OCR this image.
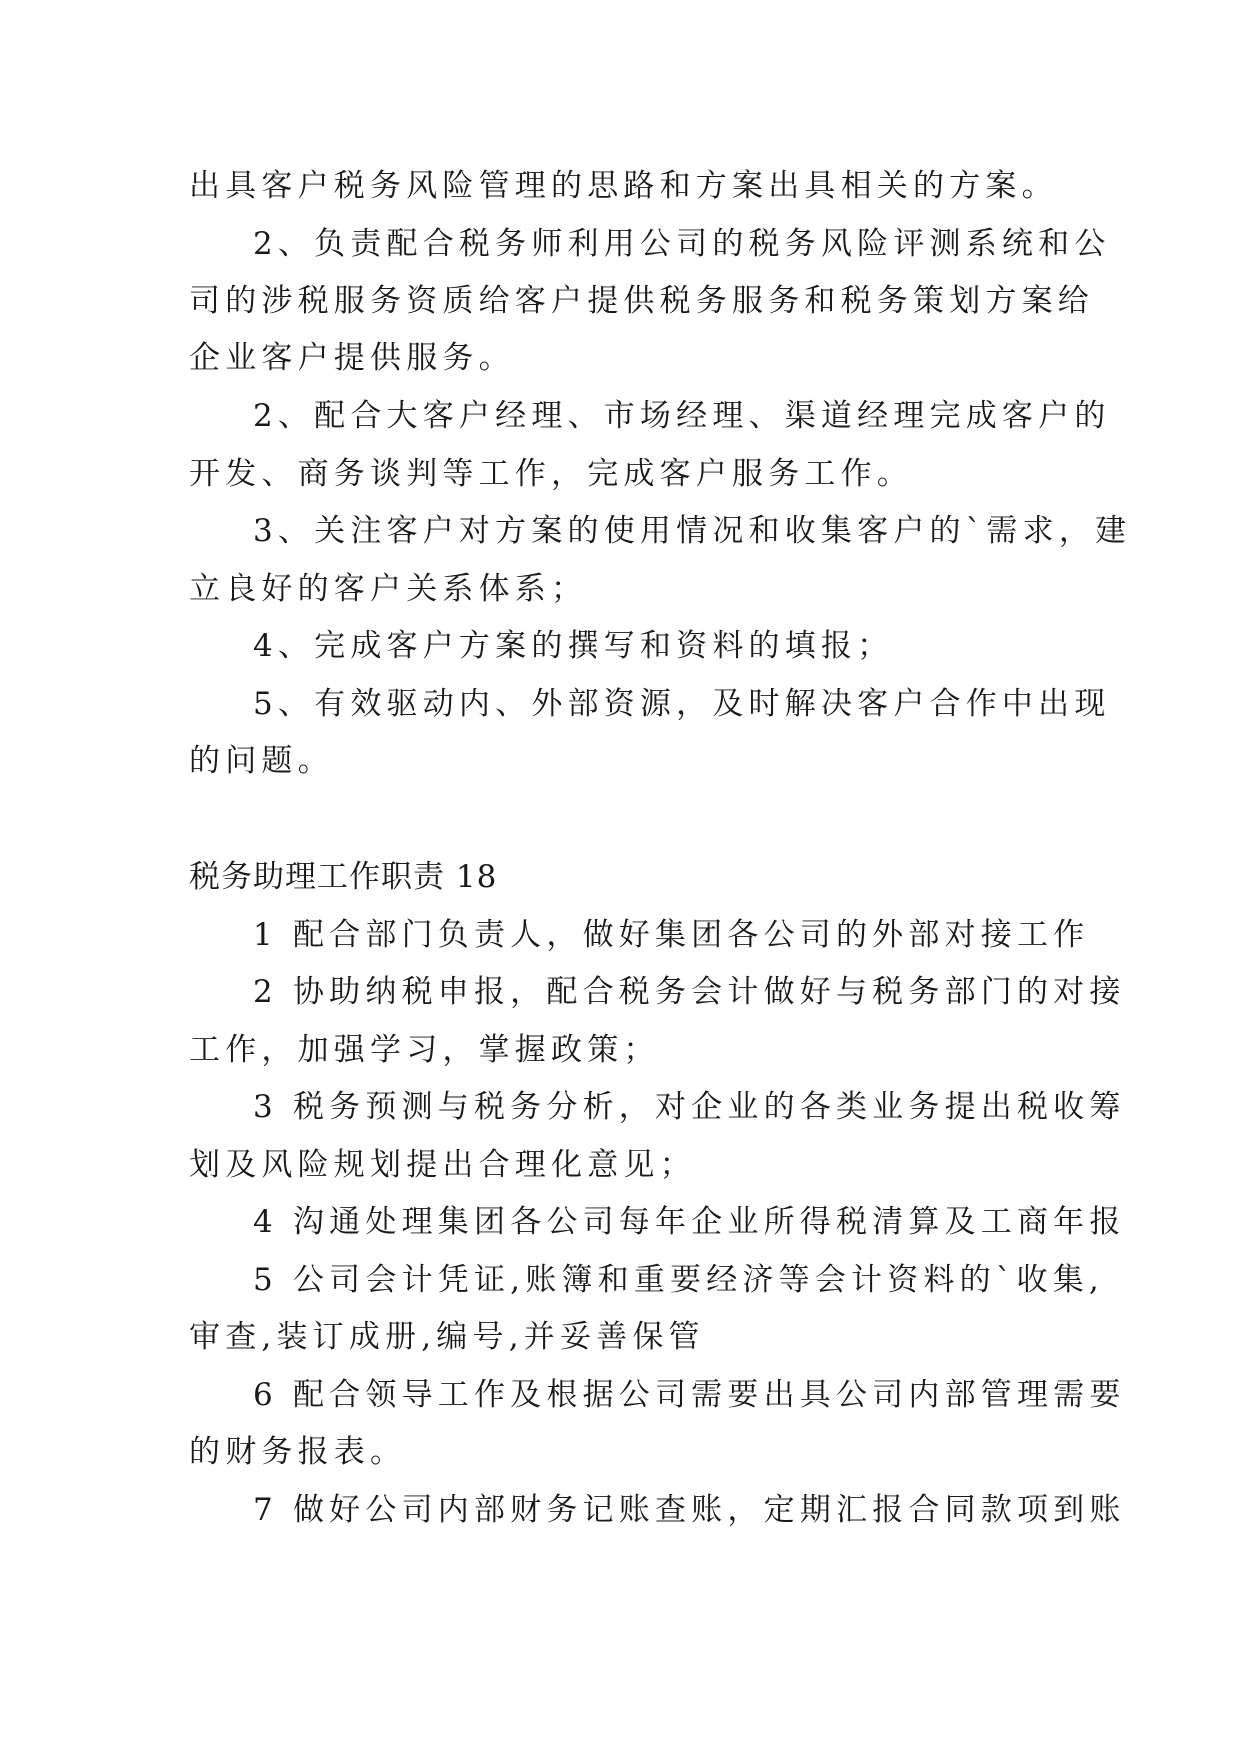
出具客户税务风险管理的思路和方案出具相关的方案。
2、负责配合税务师利用公司的税务风险评测系统和公
司的涉税服务资质给客户提供税务服务和税务策划方案给
企业客户提供服务。
2、配合大客户经理、市场经理、渠道经理完成客户的
开发、商务谈判等工作，完成客户服务工作。
3、关注客户对方案的使用情况和收集客户的`需求，建
立良好的客户关系体系；
4、完成客户方案的撰写和资料的填报；
5、有效驱动内、外部资源，及时解决客户合作中出现
的问题。
税务助理工作职责 18
1 配合部门负责人，做好集团各公司的外部对接工作
2 协助纳税申报，配合税务会计做好与税务部门的对接
工作，加强学习，掌握政策；
3 税务预测与税务分析，对企业的各类业务提出税收筹
划及风险规划提出合理化意见；
4 沟通处理集团各公司每年企业所得税清算及工商年报
5 公司会计凭证,账簿和重要经济等会计资料的`收集,
审查,装订成册,编号,并妥善保管
6 配合领导工作及根据公司需要出具公司内部管理需要
的财务报表。
7 做好公司内部财务记账查账，定期汇报合同款项到账
